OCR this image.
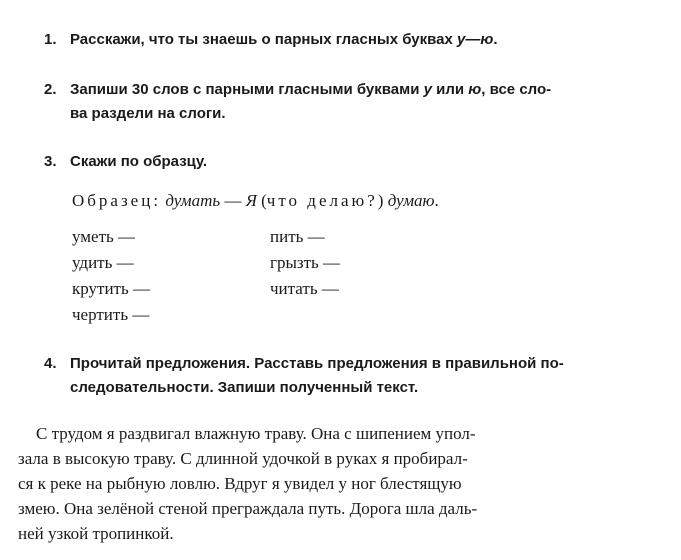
1. Расскажи, что ты знаешь о парных гласных буквах у—ю.
2. Запиши 30 слов с парными гласными буквами у или ю, все сло-
ва раздели на слоги.
3. Скажи по образцу.
Образец: думать — Я (что делаю?) думаю.
уметь —
удить —
крутить —
чертить —
пить —
грызть —
читать —
4. Прочитай предложения. Расставь предложения в правильной по-
следовательности. Запиши полученный текст.
С трудом я раздвигал влажную траву. Она с шипением упол-
зала в высокую траву. С длинной удочкой в руках я пробирал-
ся к реке на рыбную ловлю. Вдруг я увидел у ног блестящую
змею. Она зелёной стеной преграждала путь. Дорога шла даль-
ней узкой тропинкой.
